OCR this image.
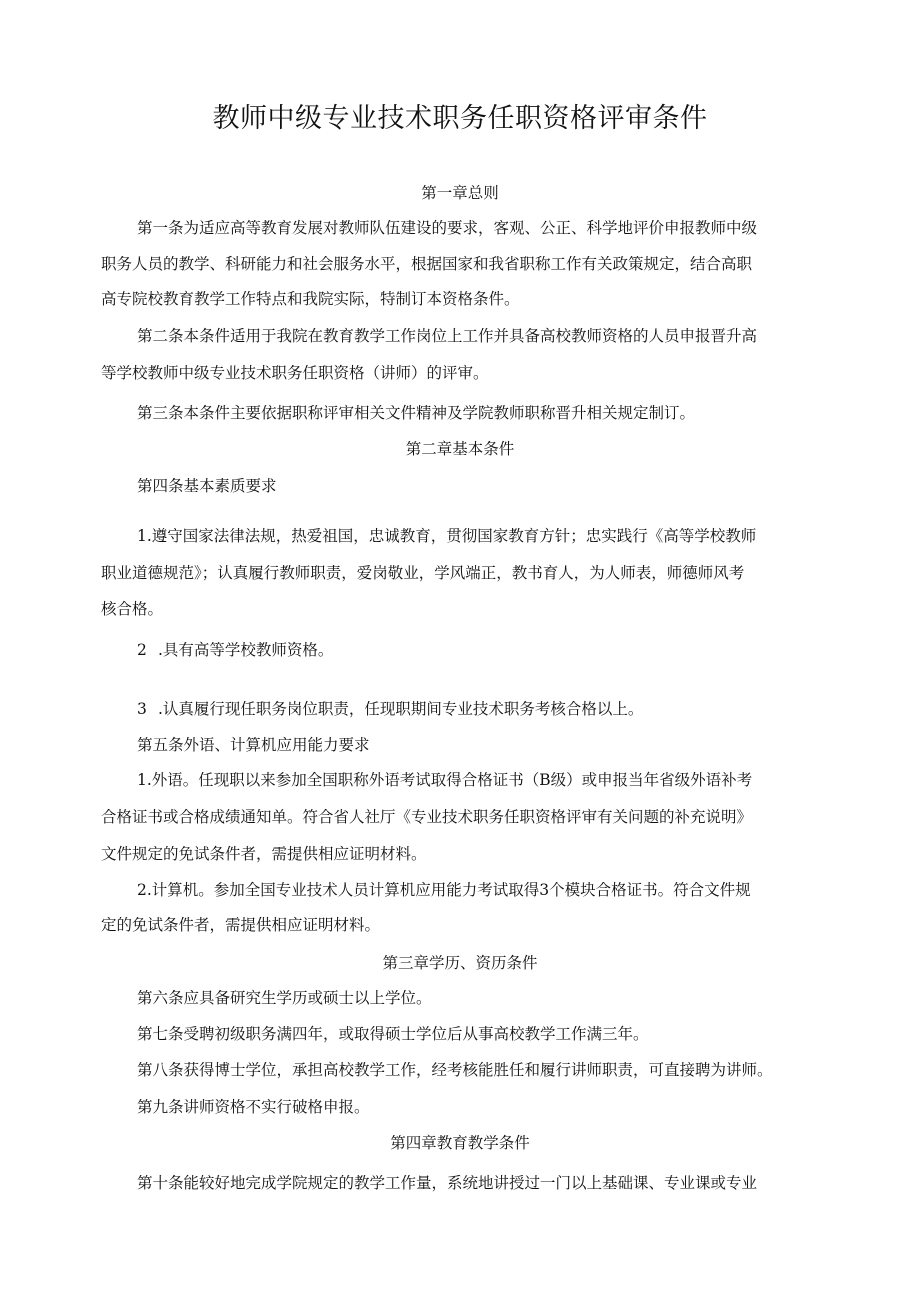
教师中级专业技术职务任职资格评审条件
第一章总则
第一条为适应高等教育发展对教师队伍建设的要求，客观、公正、科学地评价申报教师中级
职务人员的教学、科研能力和社会服务水平，根据国家和我省职称工作有关政策规定，结合高职
高专院校教育教学工作特点和我院实际，特制订本资格条件。
第二条本条件适用于我院在教育教学工作岗位上工作并具备高校教师资格的人员申报晋升高
等学校教师中级专业技术职务任职资格（讲师）的评审。
第三条本条件主要依据职称评审相关文件精神及学院教师职称晋升相关规定制订。
第二章基本条件
第四条基本素质要求
1.遵守国家法律法规，热爱祖国，忠诚教育，贯彻国家教育方针；忠实践行《高等学校教师
职业道德规范》；认真履行教师职责，爱岗敬业，学风端正，教书育人，为人师表，师德师风考
核合格。
2 .具有高等学校教师资格。
3 .认真履行现任职务岗位职责，任现职期间专业技术职务考核合格以上。
第五条外语、计算机应用能力要求
1.外语。任现职以来参加全国职称外语考试取得合格证书（B级）或申报当年省级外语补考
合格证书或合格成绩通知单。符合省人社厅《专业技术职务任职资格评审有关问题的补充说明》
文件规定的免试条件者，需提供相应证明材料。
2.计算机。参加全国专业技术人员计算机应用能力考试取得3个模块合格证书。符合文件规
定的免试条件者，需提供相应证明材料。
第三章学历、资历条件
第六条应具备研究生学历或硕士以上学位。
第七条受聘初级职务满四年，或取得硕士学位后从事高校教学工作满三年。
第八条获得博士学位，承担高校教学工作，经考核能胜任和履行讲师职责，可直接聘为讲师。
第九条讲师资格不实行破格申报。
第四章教育教学条件
第十条能较好地完成学院规定的教学工作量，系统地讲授过一门以上基础课、专业课或专业
